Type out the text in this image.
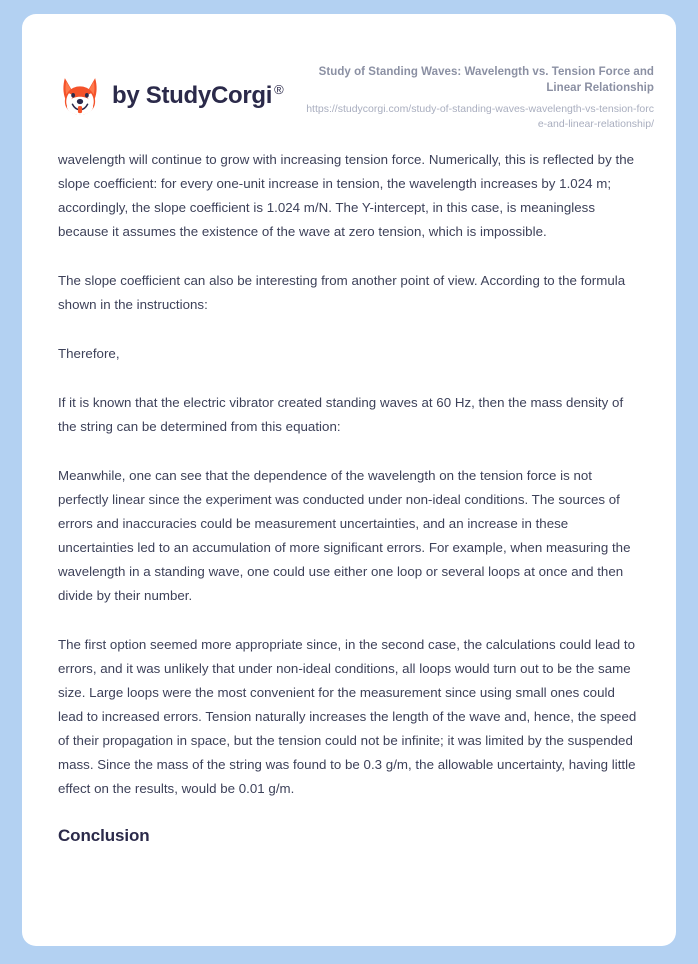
by StudyCorgi ®
Study of Standing Waves: Wavelength vs. Tension Force and Linear Relationship
https://studycorgi.com/study-of-standing-waves-wavelength-vs-tension-force-and-linear-relationship/

wavelength will continue to grow with increasing tension force. Numerically, this is reflected by the slope coefficient: for every one-unit increase in tension, the wavelength increases by 1.024 m; accordingly, the slope coefficient is 1.024 m/N. The Y-intercept, in this case, is meaningless because it assumes the existence of the wave at zero tension, which is impossible.

The slope coefficient can also be interesting from another point of view. According to the formula shown in the instructions:

Therefore,

If it is known that the electric vibrator created standing waves at 60 Hz, then the mass density of the string can be determined from this equation:

Meanwhile, one can see that the dependence of the wavelength on the tension force is not perfectly linear since the experiment was conducted under non-ideal conditions. The sources of errors and inaccuracies could be measurement uncertainties, and an increase in these uncertainties led to an accumulation of more significant errors. For example, when measuring the wavelength in a standing wave, one could use either one loop or several loops at once and then divide by their number.

The first option seemed more appropriate since, in the second case, the calculations could lead to errors, and it was unlikely that under non-ideal conditions, all loops would turn out to be the same size. Large loops were the most convenient for the measurement since using small ones could lead to increased errors. Tension naturally increases the length of the wave and, hence, the speed of their propagation in space, but the tension could not be infinite; it was limited by the suspended mass. Since the mass of the string was found to be 0.3 g/m, the allowable uncertainty, having little effect on the results, would be 0.01 g/m.

Conclusion
